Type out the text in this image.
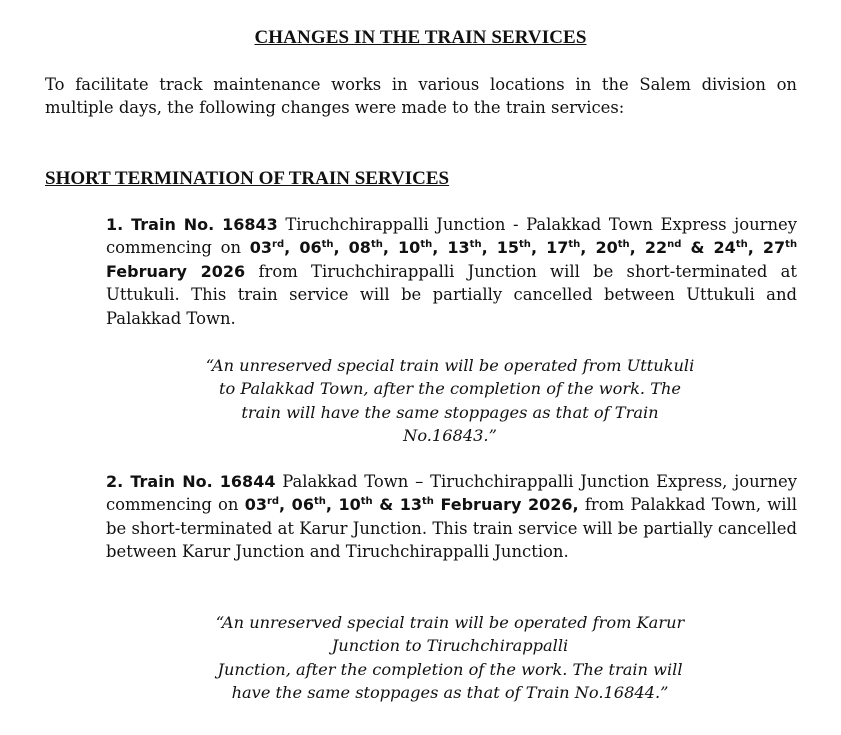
CHANGES IN THE TRAIN SERVICES

To facilitate track maintenance works in various locations in the Salem division on multiple days, the following changes were made to the train services:

SHORT TERMINATION OF TRAIN SERVICES

1. Train No. 16843 Tiruchchirappalli Junction - Palakkad Town Express journey commencing on 03rd, 06th, 08th, 10th, 13th, 15th, 17th, 20th, 22nd & 24th, 27th February 2026 from Tiruchchirappalli Junction will be short-terminated at Uttukuli. This train service will be partially cancelled between Uttukuli and Palakkad Town.

“An unreserved special train will be operated from Uttukuli
to Palakkad Town, after the completion of the work. The
train will have the same stoppages as that of Train
No.16843.”

2. Train No. 16844 Palakkad Town – Tiruchchirappalli Junction Express, journey commencing on 03rd, 06th, 10th & 13th February 2026, from Palakkad Town, will be short-terminated at Karur Junction. This train service will be partially cancelled between Karur Junction and Tiruchchirappalli Junction.

“An unreserved special train will be operated from Karur
Junction to Tiruchchirappalli
Junction, after the completion of the work. The train will
have the same stoppages as that of Train No.16844.”
